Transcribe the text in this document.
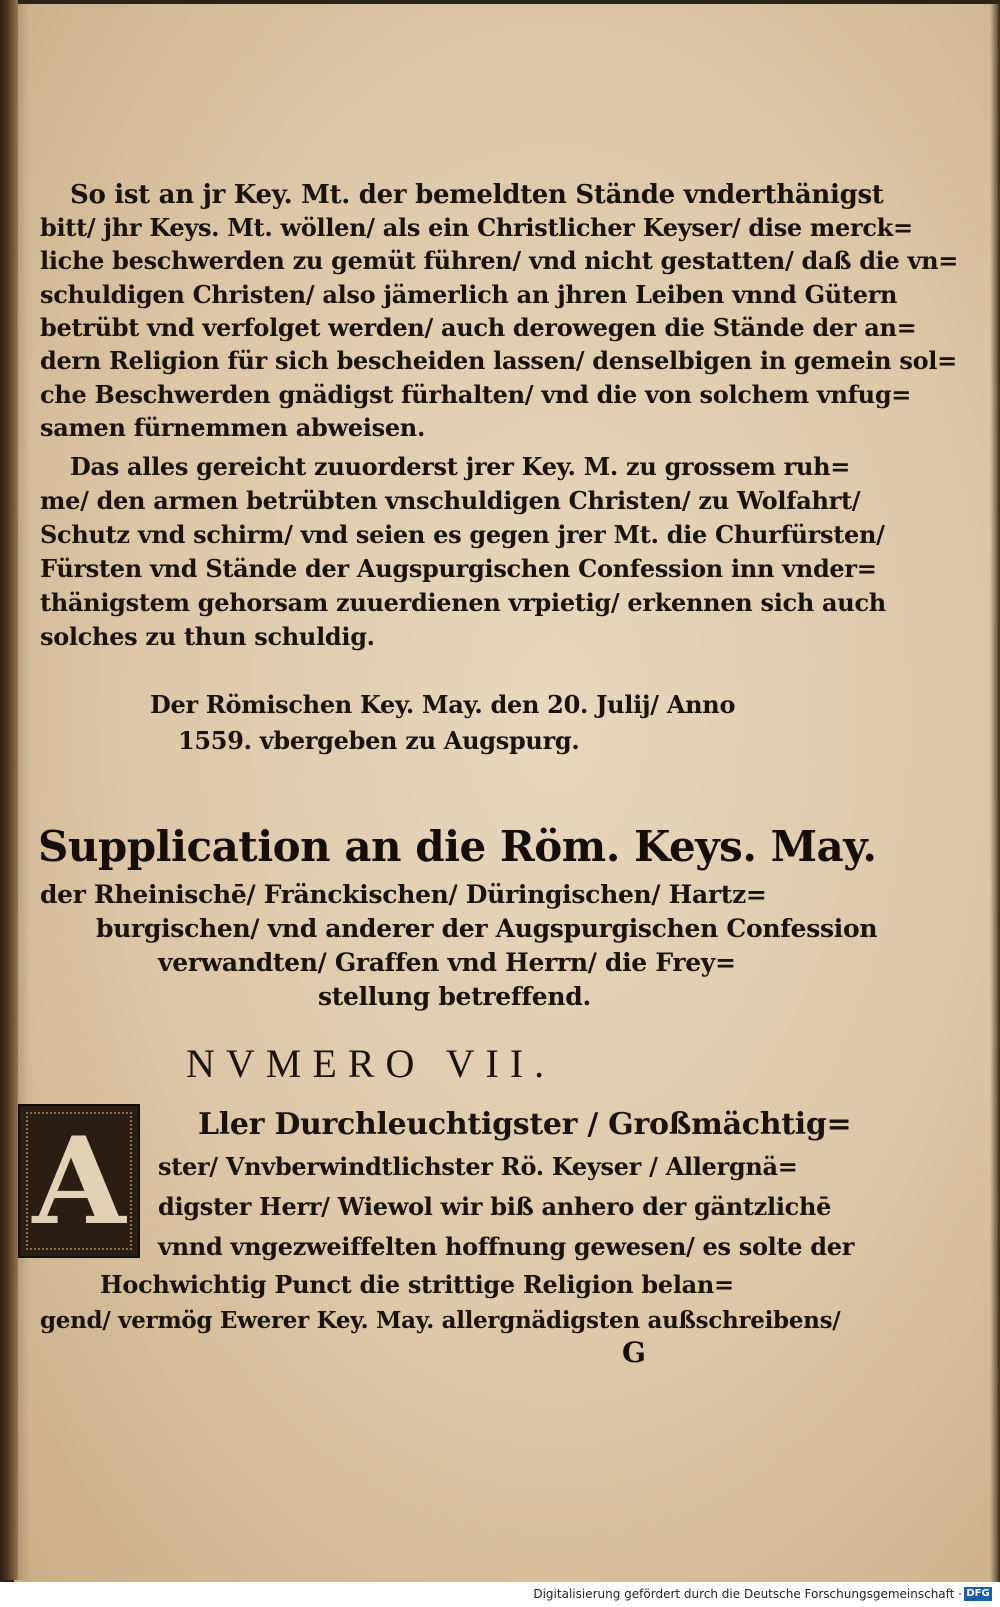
So ist an jr Key. Mt. der bemeldten Stände vnderthänigst
bitt/ jhr Keys. Mt. wöllen/ als ein Christlicher Keyser/ dise merck=
liche beschwerden zu gemüt führen/ vnd nicht gestatten/ daß die vn=
schuldigen Christen/ also jämerlich an jhren Leiben vnnd Gütern
betrübt vnd verfolget werden/ auch derowegen die Stände der an=
dern Religion für sich bescheiden lassen/ denselbigen in gemein sol=
che Beschwerden gnädigst fürhalten/ vnd die von solchem vnfug=
samen fürnemmen abweisen.
Das alles gereicht zuuorderst jrer Key. M. zu grossem ruh=
me/ den armen betrübten vnschuldigen Christen/ zu Wolfahrt/
Schutz vnd schirm/ vnd seien es gegen jrer Mt. die Churfürsten/
Fürsten vnd Stände der Augspurgischen Confession inn vnder=
thänigstem gehorsam zuuerdienen vrpietig/ erkennen sich auch
solches zu thun schuldig.
Der Römischen Key. May. den 20. Julij/ Anno
1559. vbergeben zu Augspurg.
Supplication an die Röm. Keys. May.
der Rheinischē/ Fränckischen/ Düringischen/ Hartz=
burgischen/ vnd anderer der Augspurgischen Confession
verwandten/ Graffen vnd Herrn/ die Frey=
stellung betreffend.
NVMERO VII.
A	Ller Durchleuchtigster / Großmächtig=
ster/ Vnvberwindtlichster Rö. Keyser / Allergnä=
digster Herr/ Wiewol wir biß anhero der gäntzlichē
vnnd vngezweiffelten hoffnung gewesen/ es solte der
Hochwichtig Punct die strittige Religion belan=
gend/ vermög Ewerer Key. May. allergnädigsten außschreibens/
G
Digitalisierung gefördert durch die Deutsche Forschungsgemeinschaft · DFG
